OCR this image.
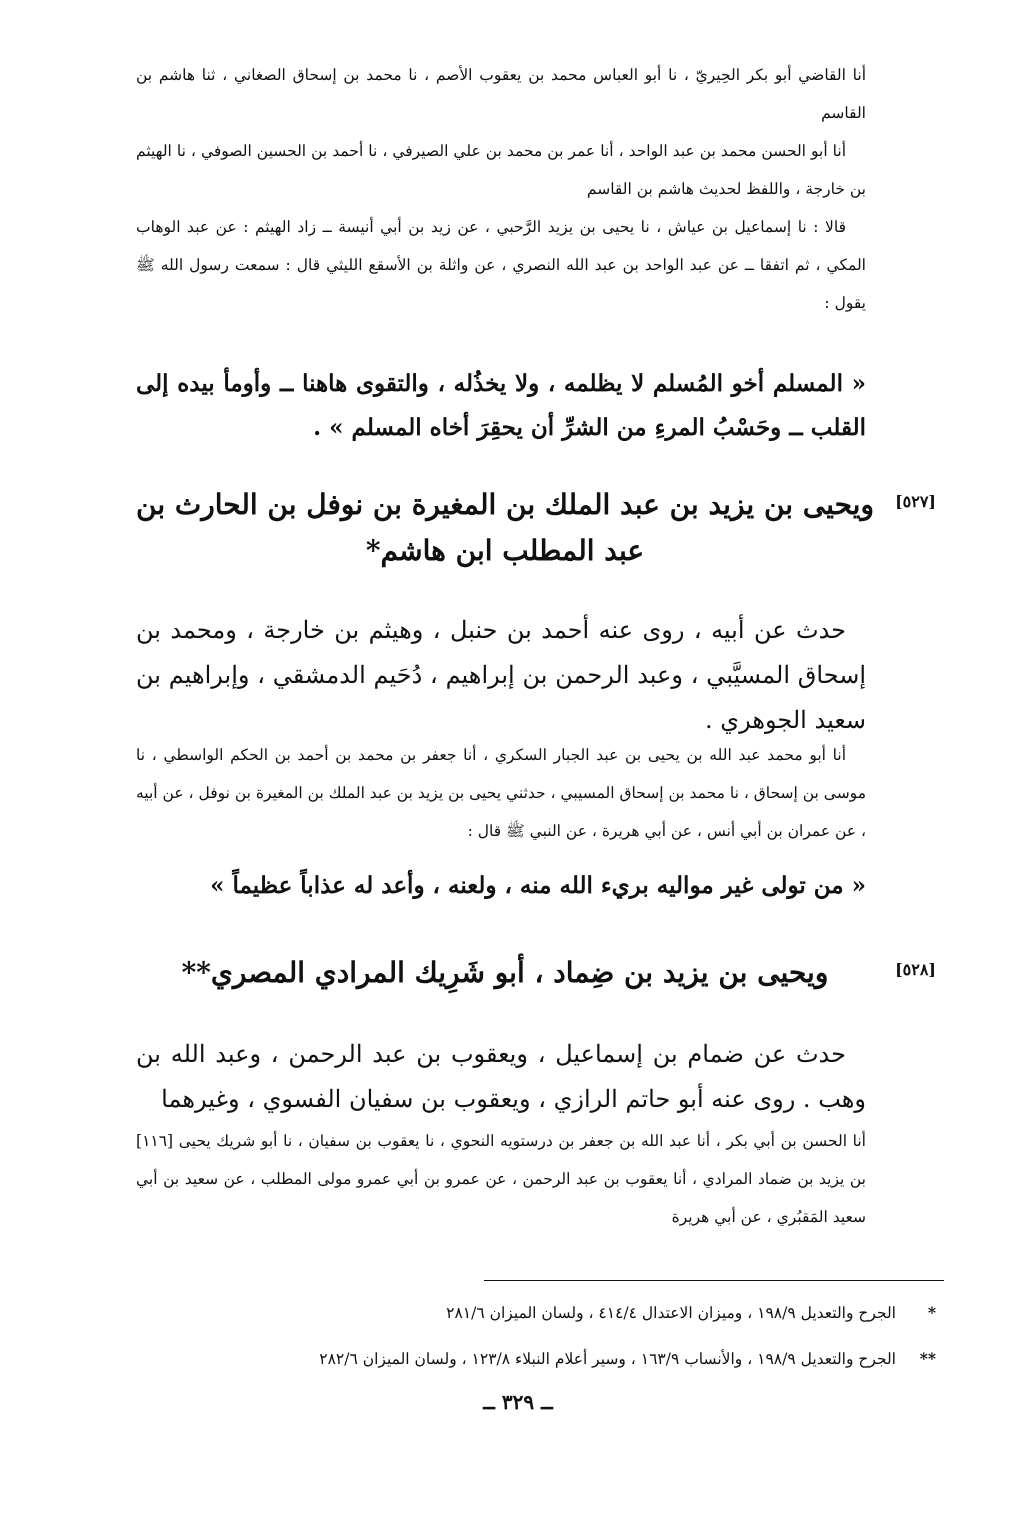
أنا القاضي أبو بكر الحِيريّ ، نا أبو العباس محمد بن يعقوب الأصم ، نا محمد بن إسحاق الصغاني ، ثنا هاشم بن القاسم
أنا أبو الحسن محمد بن عبد الواحد ، أنا عمر بن محمد بن علي الصيرفي ، نا أحمد بن الحسين الصوفي ، نا الهيثم بن خارجة ، واللفظ لحديث هاشم بن القاسم
قالا : نا إسماعيل بن عياش ، نا يحيى بن يزيد الرَّحبي ، عن زيد بن أبي أنيسة ــ زاد الهيثم : عن عبد الوهاب المكي ، ثم اتفقا ــ عن عبد الواحد بن عبد الله النصري ، عن واثلة بن الأسقع الليثي قال : سمعت رسول الله ﷺ يقول :
« المسلم أخو المُسلم لا يظلمه ، ولا يخذُله ، والتقوى هاهنا ــ وأومأ بيده إلى القلب ــ وحَسْبُ المرءِ من الشرِّ أن يحقِرَ أخاه المسلم » .
[٥٢٧]
ويحيى بن يزيد بن عبد الملك بن المغيرة بن نوفل بن الحارث بن عبد المطلب ابن هاشم*
حدث عن أبيه ، روى عنه أحمد بن حنبل ، وهيثم بن خارجة ، ومحمد بن إسحاق المسيَّبي ، وعبد الرحمن بن إبراهيم ، دُحَيم الدمشقي ، وإبراهيم بن سعيد الجوهري .
أنا أبو محمد عبد الله بن يحيى بن عبد الجبار السكري ، أنا جعفر بن محمد بن أحمد بن الحكم الواسطي ، نا موسى بن إسحاق ، نا محمد بن إسحاق المسيبي ، حدثني يحيى بن يزيد بن عبد الملك بن المغيرة بن نوفل ، عن أبيه ، عن عمران بن أبي أنس ، عن أبي هريرة ، عن النبي ﷺ قال :
« من تولى غير مواليه بريء الله منه ، ولعنه ، وأعد له عذاباً عظيماً »
[٥٢٨]
ويحيى بن يزيد بن ضِماد ، أبو شَرِيك المرادي المصري**
حدث عن ضمام بن إسماعيل ، ويعقوب بن عبد الرحمن ، وعبد الله بن وهب . روى عنه أبو حاتم الرازي ، ويعقوب بن سفيان الفسوي ، وغيرهما
أنا الحسن بن أبي بكر ، أنا عبد الله بن جعفر بن درستويه النحوي ، نا يعقوب بن سفيان ، نا أبو شريك يحيى [١١٦] بن يزيد بن ضماد المرادي ، أنا يعقوب بن عبد الرحمن ، عن عمرو بن أبي عمرو مولى المطلب ، عن سعيد بن أبي سعيد المَقبُري ، عن أبي هريرة
*
الجرح والتعديل ١٩٨/٩ ، وميزان الاعتدال ٤١٤/٤ ، ولسان الميزان ٢٨١/٦
**
الجرح والتعديل ١٩٨/٩ ، والأنساب ١٦٣/٩ ، وسير أعلام النبلاء ١٢٣/٨ ، ولسان الميزان ٢٨٢/٦
ــ ٣٢٩ ــ
